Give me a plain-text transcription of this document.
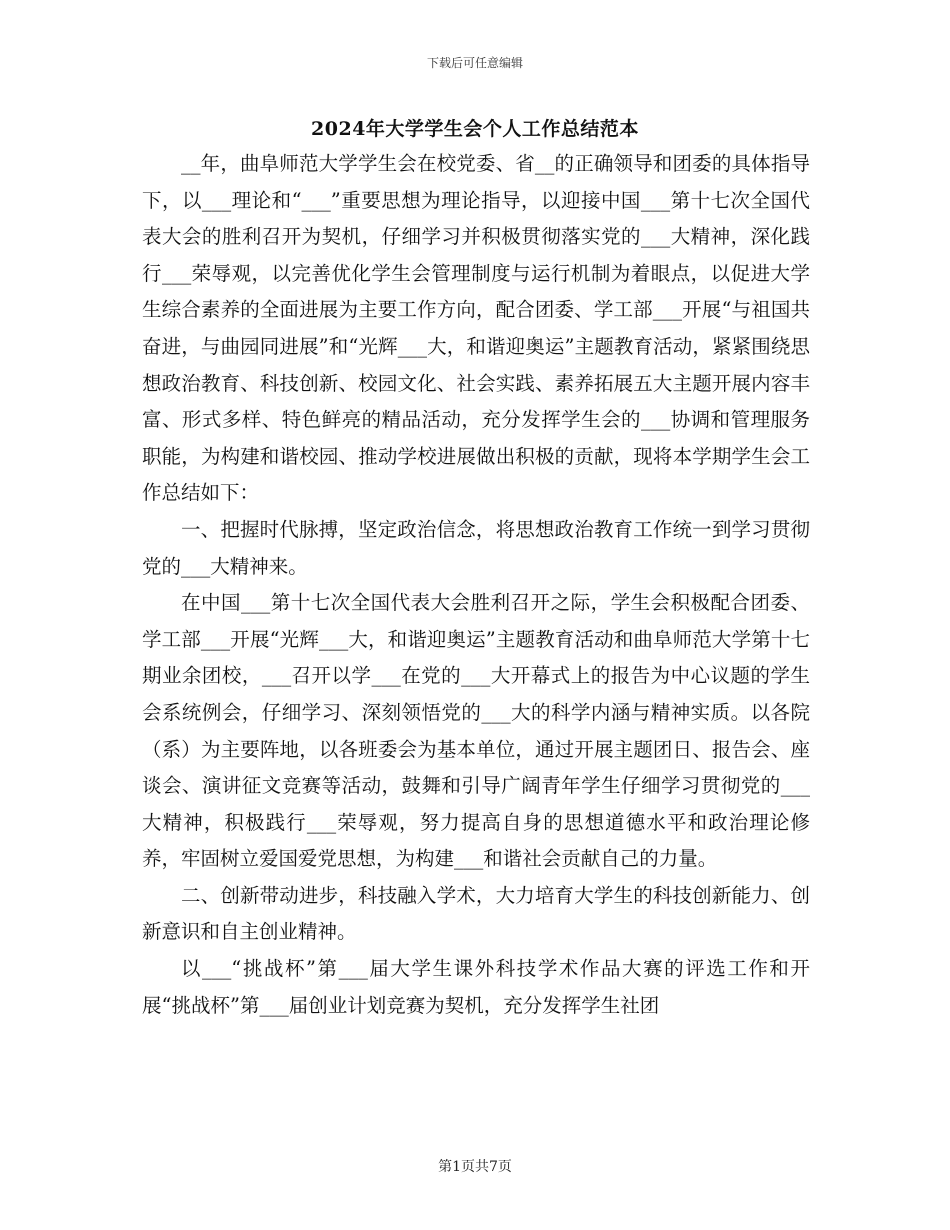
下载后可任意编辑
2024年大学学生会个人工作总结范本

__年，曲阜师范大学学生会在校党委、省__的正确领导和团委的具体指导下，以___理论和“___”重要思想为理论指导，以迎接中国___第十七次全国代表大会的胜利召开为契机，仔细学习并积极贯彻落实党的___大精神，深化践行___荣辱观，以完善优化学生会管理制度与运行机制为着眼点，以促进大学生综合素养的全面进展为主要工作方向，配合团委、学工部___开展“与祖国共奋进，与曲园同进展”和“光辉___大，和谐迎奥运”主题教育活动，紧紧围绕思想政治教育、科技创新、校园文化、社会实践、素养拓展五大主题开展内容丰富、形式多样、特色鲜亮的精品活动，充分发挥学生会的___协调和管理服务职能，为构建和谐校园、推动学校进展做出积极的贡献，现将本学期学生会工作总结如下：

一、把握时代脉搏，坚定政治信念，将思想政治教育工作统一到学习贯彻党的___大精神来。

在中国___第十七次全国代表大会胜利召开之际，学生会积极配合团委、学工部___开展“光辉___大，和谐迎奥运”主题教育活动和曲阜师范大学第十七期业余团校，___召开以学___在党的___大开幕式上的报告为中心议题的学生会系统例会，仔细学习、深刻领悟党的___大的科学内涵与精神实质。以各院（系）为主要阵地，以各班委会为基本单位，通过开展主题团日、报告会、座谈会、演讲征文竞赛等活动，鼓舞和引导广阔青年学生仔细学习贯彻党的___大精神，积极践行___荣辱观，努力提高自身的思想道德水平和政治理论修养，牢固树立爱国爱党思想，为构建___和谐社会贡献自己的力量。

二、创新带动进步，科技融入学术，大力培育大学生的科技创新能力、创新意识和自主创业精神。

以___“挑战杯”第___届大学生课外科技学术作品大赛的评选工作和开展“挑战杯”第___届创业计划竞赛为契机，充分发挥学生社团

第1页共7页
